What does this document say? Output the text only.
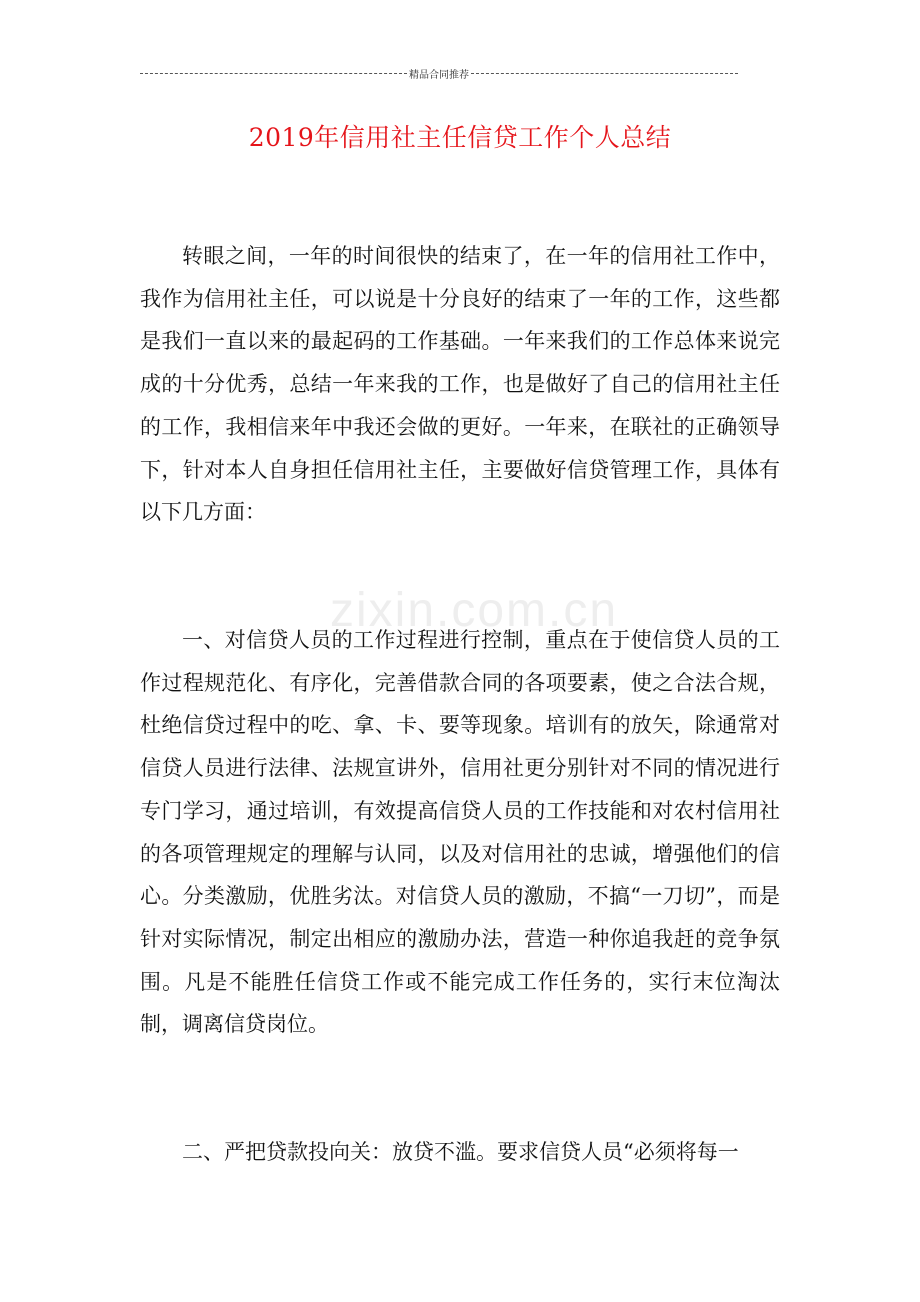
精品合同推荐
2019年信用社主任信贷工作个人总结
zixin.com.cn

转眼之间，一年的时间很快的结束了，在一年的信用社工作中，我作为信用社主任，可以说是十分良好的结束了一年的工作，这些都是我们一直以来的最起码的工作基础。一年来我们的工作总体来说完成的十分优秀，总结一年来我的工作，也是做好了自己的信用社主任的工作，我相信来年中我还会做的更好。一年来，在联社的正确领导下，针对本人自身担任信用社主任，主要做好信贷管理工作，具体有以下几方面：

一、对信贷人员的工作过程进行控制，重点在于使信贷人员的工作过程规范化、有序化，完善借款合同的各项要素，使之合法合规，杜绝信贷过程中的吃、拿、卡、要等现象。培训有的放矢，除通常对信贷人员进行法律、法规宣讲外，信用社更分别针对不同的情况进行专门学习，通过培训，有效提高信贷人员的工作技能和对农村信用社的各项管理规定的理解与认同，以及对信用社的忠诚，增强他们的信心。分类激励，优胜劣汰。对信贷人员的激励，不搞“一刀切”，而是针对实际情况，制定出相应的激励办法，营造一种你追我赶的竞争氛围。凡是不能胜任信贷工作或不能完成工作任务的，实行末位淘汰制，调离信贷岗位。

二、严把贷款投向关：放贷不滥。要求信贷人员“必须将每一
